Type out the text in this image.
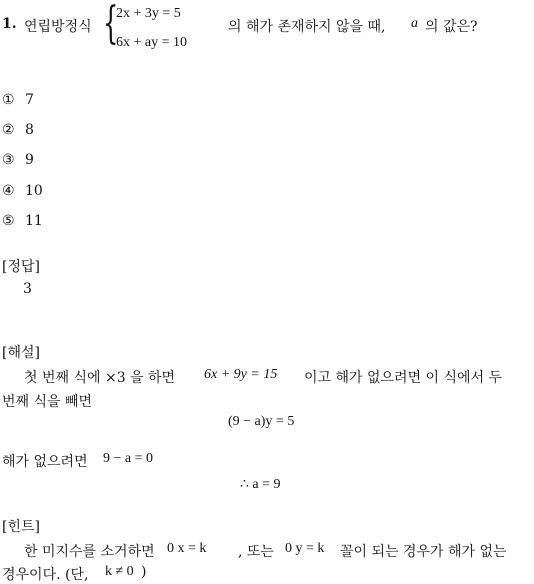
1. 연립방정식 {
2x + 3y = 5
6x + ay = 10
의 해가 존재하지 않을 때, a 의 값은?
① 7
② 8
③ 9
④ 10
⑤ 11
[정답]
3
[해설]
첫 번째 식에 ×3 을 하면 6x + 9y = 15 이고 해가 없으려면 이 식에서 두
번째 식을 빼면
(9 − a)y = 5
해가 없으려면 9 − a = 0
∴ a = 9
[힌트]
한 미지수를 소거하면 0 x = k , 또는 0 y = k 꼴이 되는 경우가 해가 없는
경우이다. (단, k ≠ 0 )
